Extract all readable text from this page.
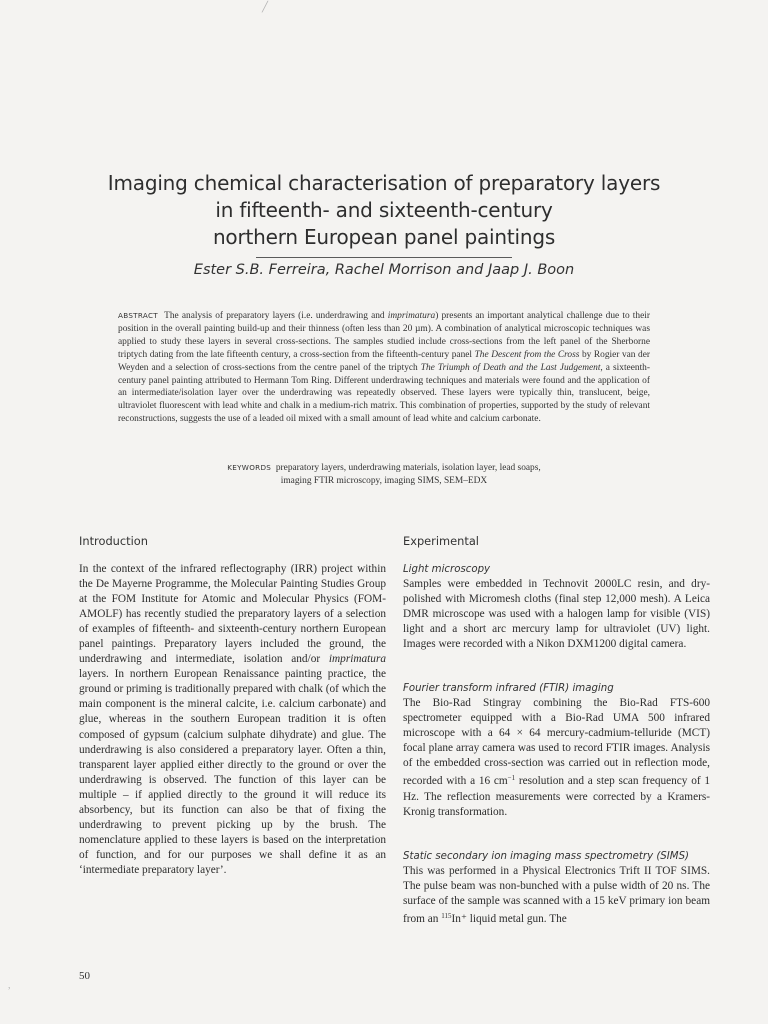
╱
,
Imaging chemical characterisation of preparatory layers
in fifteenth- and sixteenth-century
northern European panel paintings
Ester S.B. Ferreira, Rachel Morrison and Jaap J. Boon
ABSTRACT The analysis of preparatory layers (i.e. underdrawing and imprimatura) presents an important analytical challenge due to their position in the overall painting build-up and their thinness (often less than 20 µm). A combination of analytical microscopic techniques was applied to study these layers in several cross-sections. The samples studied include cross-sections from the left panel of the Sherborne triptych dating from the late fifteenth century, a cross-section from the fifteenth-century panel The Descent from the Cross by Rogier van der Weyden and a selection of cross-sections from the centre panel of the triptych The Triumph of Death and the Last Judgement, a sixteenth-century panel painting attributed to Hermann Tom Ring. Different underdrawing techniques and materials were found and the application of an intermediate/isolation layer over the underdrawing was repeatedly observed. These layers were typically thin, translucent, beige, ultraviolet fluorescent with lead white and chalk in a medium-rich matrix. This combination of properties, supported by the study of relevant reconstructions, suggests the use of a leaded oil mixed with a small amount of lead white and calcium carbonate.
KEYWORDS preparatory layers, underdrawing materials, isolation layer, lead soaps,
imaging FTIR microscopy, imaging SIMS, SEM–EDX
Introduction

In the context of the infrared reflectography (IRR) project within the De Mayerne Programme, the Molecular Painting Studies Group at the FOM Institute for Atomic and Molecular Physics (FOM-AMOLF) has recently studied the preparatory layers of a selection of examples of fifteenth- and sixteenth-century northern European panel paintings. Preparatory layers included the ground, the underdrawing and intermediate, isolation and/or imprimatura layers. In northern European Renaissance painting practice, the ground or priming is traditionally prepared with chalk (of which the main component is the mineral calcite, i.e. calcium carbonate) and glue, whereas in the southern European tradition it is often composed of gypsum (calcium sulphate dihydrate) and glue. The underdrawing is also considered a preparatory layer. Often a thin, transparent layer applied either directly to the ground or over the underdrawing is observed. The function of this layer can be multiple – if applied directly to the ground it will reduce its absorbency, but its function can also be that of fixing the underdrawing to prevent picking up by the brush. The nomenclature applied to these layers is based on the interpretation of function, and for our purposes we shall define it as an ‘intermediate preparatory layer’.

Experimental
Light microscopy

Samples were embedded in Technovit 2000LC resin, and dry-polished with Micromesh cloths (final step 12,000 mesh). A Leica DMR microscope was used with a halogen lamp for visible (VIS) light and a short arc mercury lamp for ultraviolet (UV) light. Images were recorded with a Nikon DXM1200 digital camera.

Fourier transform infrared (FTIR) imaging

The Bio-Rad Stingray combining the Bio-Rad FTS-600 spectrometer equipped with a Bio-Rad UMA 500 infrared microscope with a 64 × 64 mercury-cadmium-telluride (MCT) focal plane array camera was used to record FTIR images. Analysis of the embedded cross-section was carried out in reflection mode, recorded with a 16 $cm^{-1}$ resolution and a step scan frequency of 1 Hz. The reflection measurements were corrected by a Kramers-Kronig transformation.

Static secondary ion imaging mass spectrometry (SIMS)

This was performed in a Physical Electronics Trift II TOF SIMS. The pulse beam was non-bunched with a pulse width of 20 ns. The surface of the sample was scanned with a 15 keV primary ion beam from an $^{115}$In⁺ liquid metal gun. The

50
